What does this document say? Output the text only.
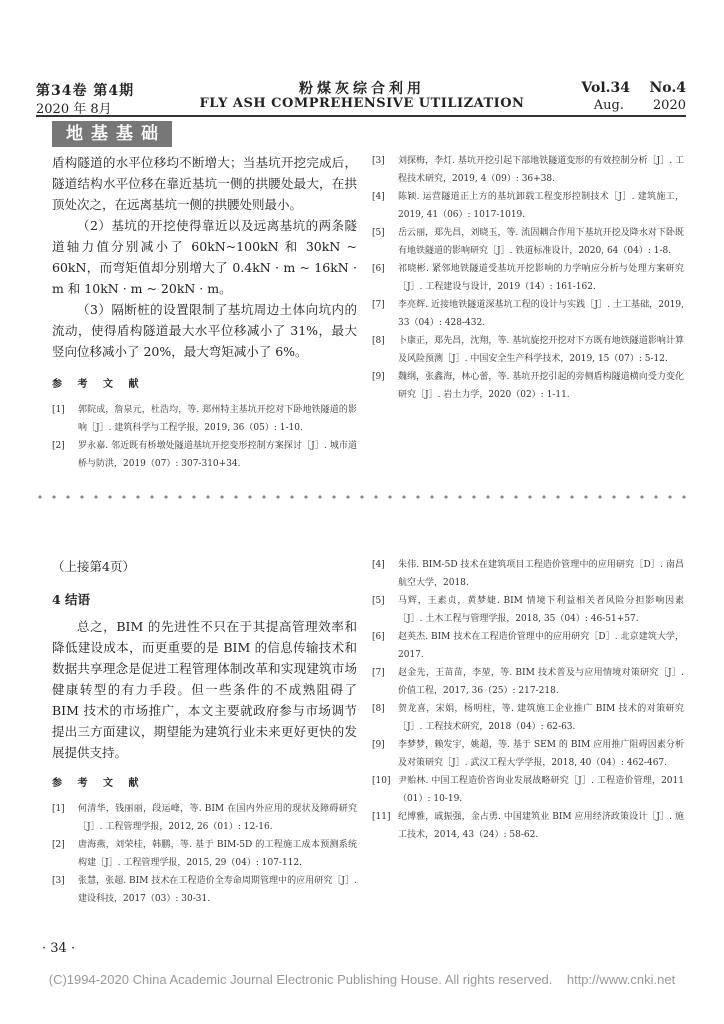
第34卷 第4期
2020 年 8月
粉煤灰综合利用
FLY ASH COMPREHENSIVE UTILIZATION
Vol.34    No.4
Aug.       2020
地基基础

盾构隧道的水平位移均不断增大；当基坑开挖完成后，隧道结构水平位移在靠近基坑一侧的拱腰处最大，在拱顶处次之，在远离基坑一侧的拱腰处则最小。

（2）基坑的开挖使得靠近以及远离基坑的两条隧道轴力值分别减小了 60kN~100kN 和 30kN ~ 60kN，而弯矩值却分别增大了 0.4kN · m ~ 16kN · m 和 10kN · m ~ 20kN · m。

（3）隔断桩的设置限制了基坑周边土体向坑内的流动，使得盾构隧道最大水平位移减小了 31%，最大竖向位移减小了 20%，最大弯矩减小了 6%。

参 考 文 献
[1]	郭院成，詹泉元，杜浩均，等. 郑州特主基坑开挖对下卧地铁隧道的影响［J］. 建筑科学与工程学报，2019, 36（05）: 1-10.
[2]	罗永嘉. 邻近既有桥墩处隧道基坑开挖变形控制方案探讨［J］. 城市道桥与防洪，2019（07）: 307-310+34.
[3]	刘探梅，李灯. 基坑开挖引起下部地铁隧道变形的有效控制分析［J］. 工程技术研究，2019, 4（09）: 36+38.
[4]	陈颖. 运营隧道正上方的基坑卸载工程变形控制技术［J］. 建筑施工，2019, 41（06）: 1017-1019.
[5]	岳云丽，郑先昌，刘晓玉，等. 流固耦合作用下基坑开挖及降水对下卧既有地铁隧道的影响研究［J］. 铁道标准设计，2020, 64（04）: 1-8.
[6]	祁晓彬. 紧邻地铁隧道受基坑开挖影响的力学响应分析与处理方案研究［J］. 工程建设与设计，2019（14）: 161-162.
[7]	李亮辉. 近接地铁隧道深基坑工程的设计与实践［J］. 土工基础，2019, 33（04）: 428-432.
[8]	卜康正，郑先昌，沈翔，等. 基坑旋挖开挖对下方既有地铁隧道影响计算及风险预测［J］. 中国安全生产科学技术，2019, 15（07）: 5-12.
[9]	魏纲，张鑫海，林心蕾，等. 基坑开挖引起的旁侧盾构隧道横向受力变化研究［J］. 岩土力学，2020（02）: 1-11.
（上接第4页）
4 结语

总之，BIM 的先进性不只在于其提高管理效率和降低建设成本，而更重要的是 BIM 的信息传输技术和数据共享理念是促进工程管理体制改革和实现建筑市场健康转型的有力手段。但一些条件的不成熟阻碍了 BIM 技术的市场推广，本文主要就政府参与市场调节提出三方面建议，期望能为建筑行业未来更好更快的发展提供支持。

参 考 文 献
[1]	何清华，钱丽丽，段运峰，等. BIM 在国内外应用的现状及障碍研究［J］. 工程管理学报，2012, 26（01）: 12-16.
[2]	唐海燕，刘荣桂，韩鹏，等. 基于 BIM-5D 的工程施工成本预测系统构建［J］. 工程管理学报，2015, 29（04）: 107-112.
[3]	张慧，张超. BIM 技术在工程造价全寿命周期管理中的应用研究［J］. 建设科技，2017（03）: 30-31.
[4]	朱伟. BIM-5D 技术在建筑项目工程造价管理中的应用研究［D］. 南昌航空大学，2018.
[5]	马辉，王素贞，黄梦婕. BIM 情境下利益相关者风险分担影响因素［J］. 土木工程与管理学报，2018, 35（04）: 46-51+57.
[6]	赵英杰. BIM 技术在工程造价管理中的应用研究［D］. 北京建筑大学，2017.
[7]	赵金先，王苗苗，李堃，等. BIM 技术普及与应用情境对策研究［J］. 价值工程，2017, 36（25）: 217-218.
[8]	贺龙喜，宋娟，杨明柱，等. 建筑施工企业推广 BIM 技术的对策研究［J］. 工程技术研究，2018（04）: 62-63.
[9]	李梦梦，赖发宇，姚超，等. 基于 SEM 的 BIM 应用推广阻碍因素分析及对策研究［J］. 武汉工程大学学报，2018, 40（04）: 462-467.
[10] 尹贻林. 中国工程造价咨询业发展战略研究［J］. 工程造价管理，2011（01）: 10-19.
[11] 纪博雅，戚振强，金占勇. 中国建筑业 BIM 应用经济政策设计［J］. 施工技术，2014, 43（24）: 58-62.
· 34 ·
(C)1994-2020 China Academic Journal Electronic Publishing House. All rights reserved.    http://www.cnki.net
